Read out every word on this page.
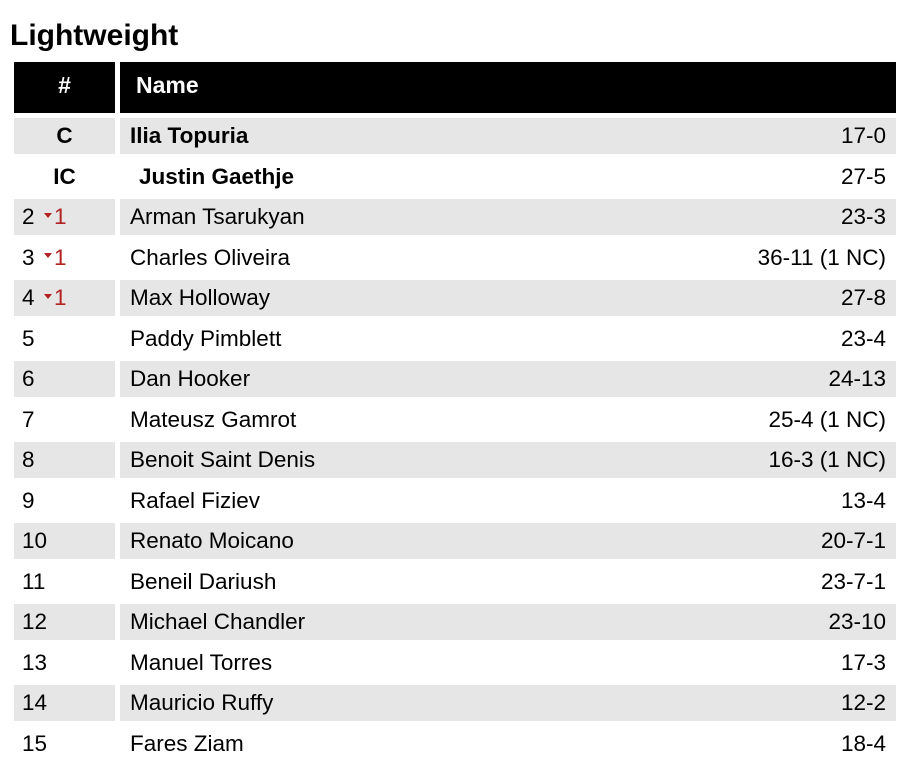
Lightweight
#	Name
C	Ilia Topuria	17-0
IC	Justin Gaethje	27-5
2 1	Arman Tsarukyan	23-3
3 1	Charles Oliveira	36-11 (1 NC)
4 1	Max Holloway	27-8
5	Paddy Pimblett	23-4
6	Dan Hooker	24-13
7	Mateusz Gamrot	25-4 (1 NC)
8	Benoit Saint Denis	16-3 (1 NC)
9	Rafael Fiziev	13-4
10	Renato Moicano	20-7-1
11	Beneil Dariush	23-7-1
12	Michael Chandler	23-10
13	Manuel Torres	17-3
14	Mauricio Ruffy	12-2
15	Fares Ziam	18-4
